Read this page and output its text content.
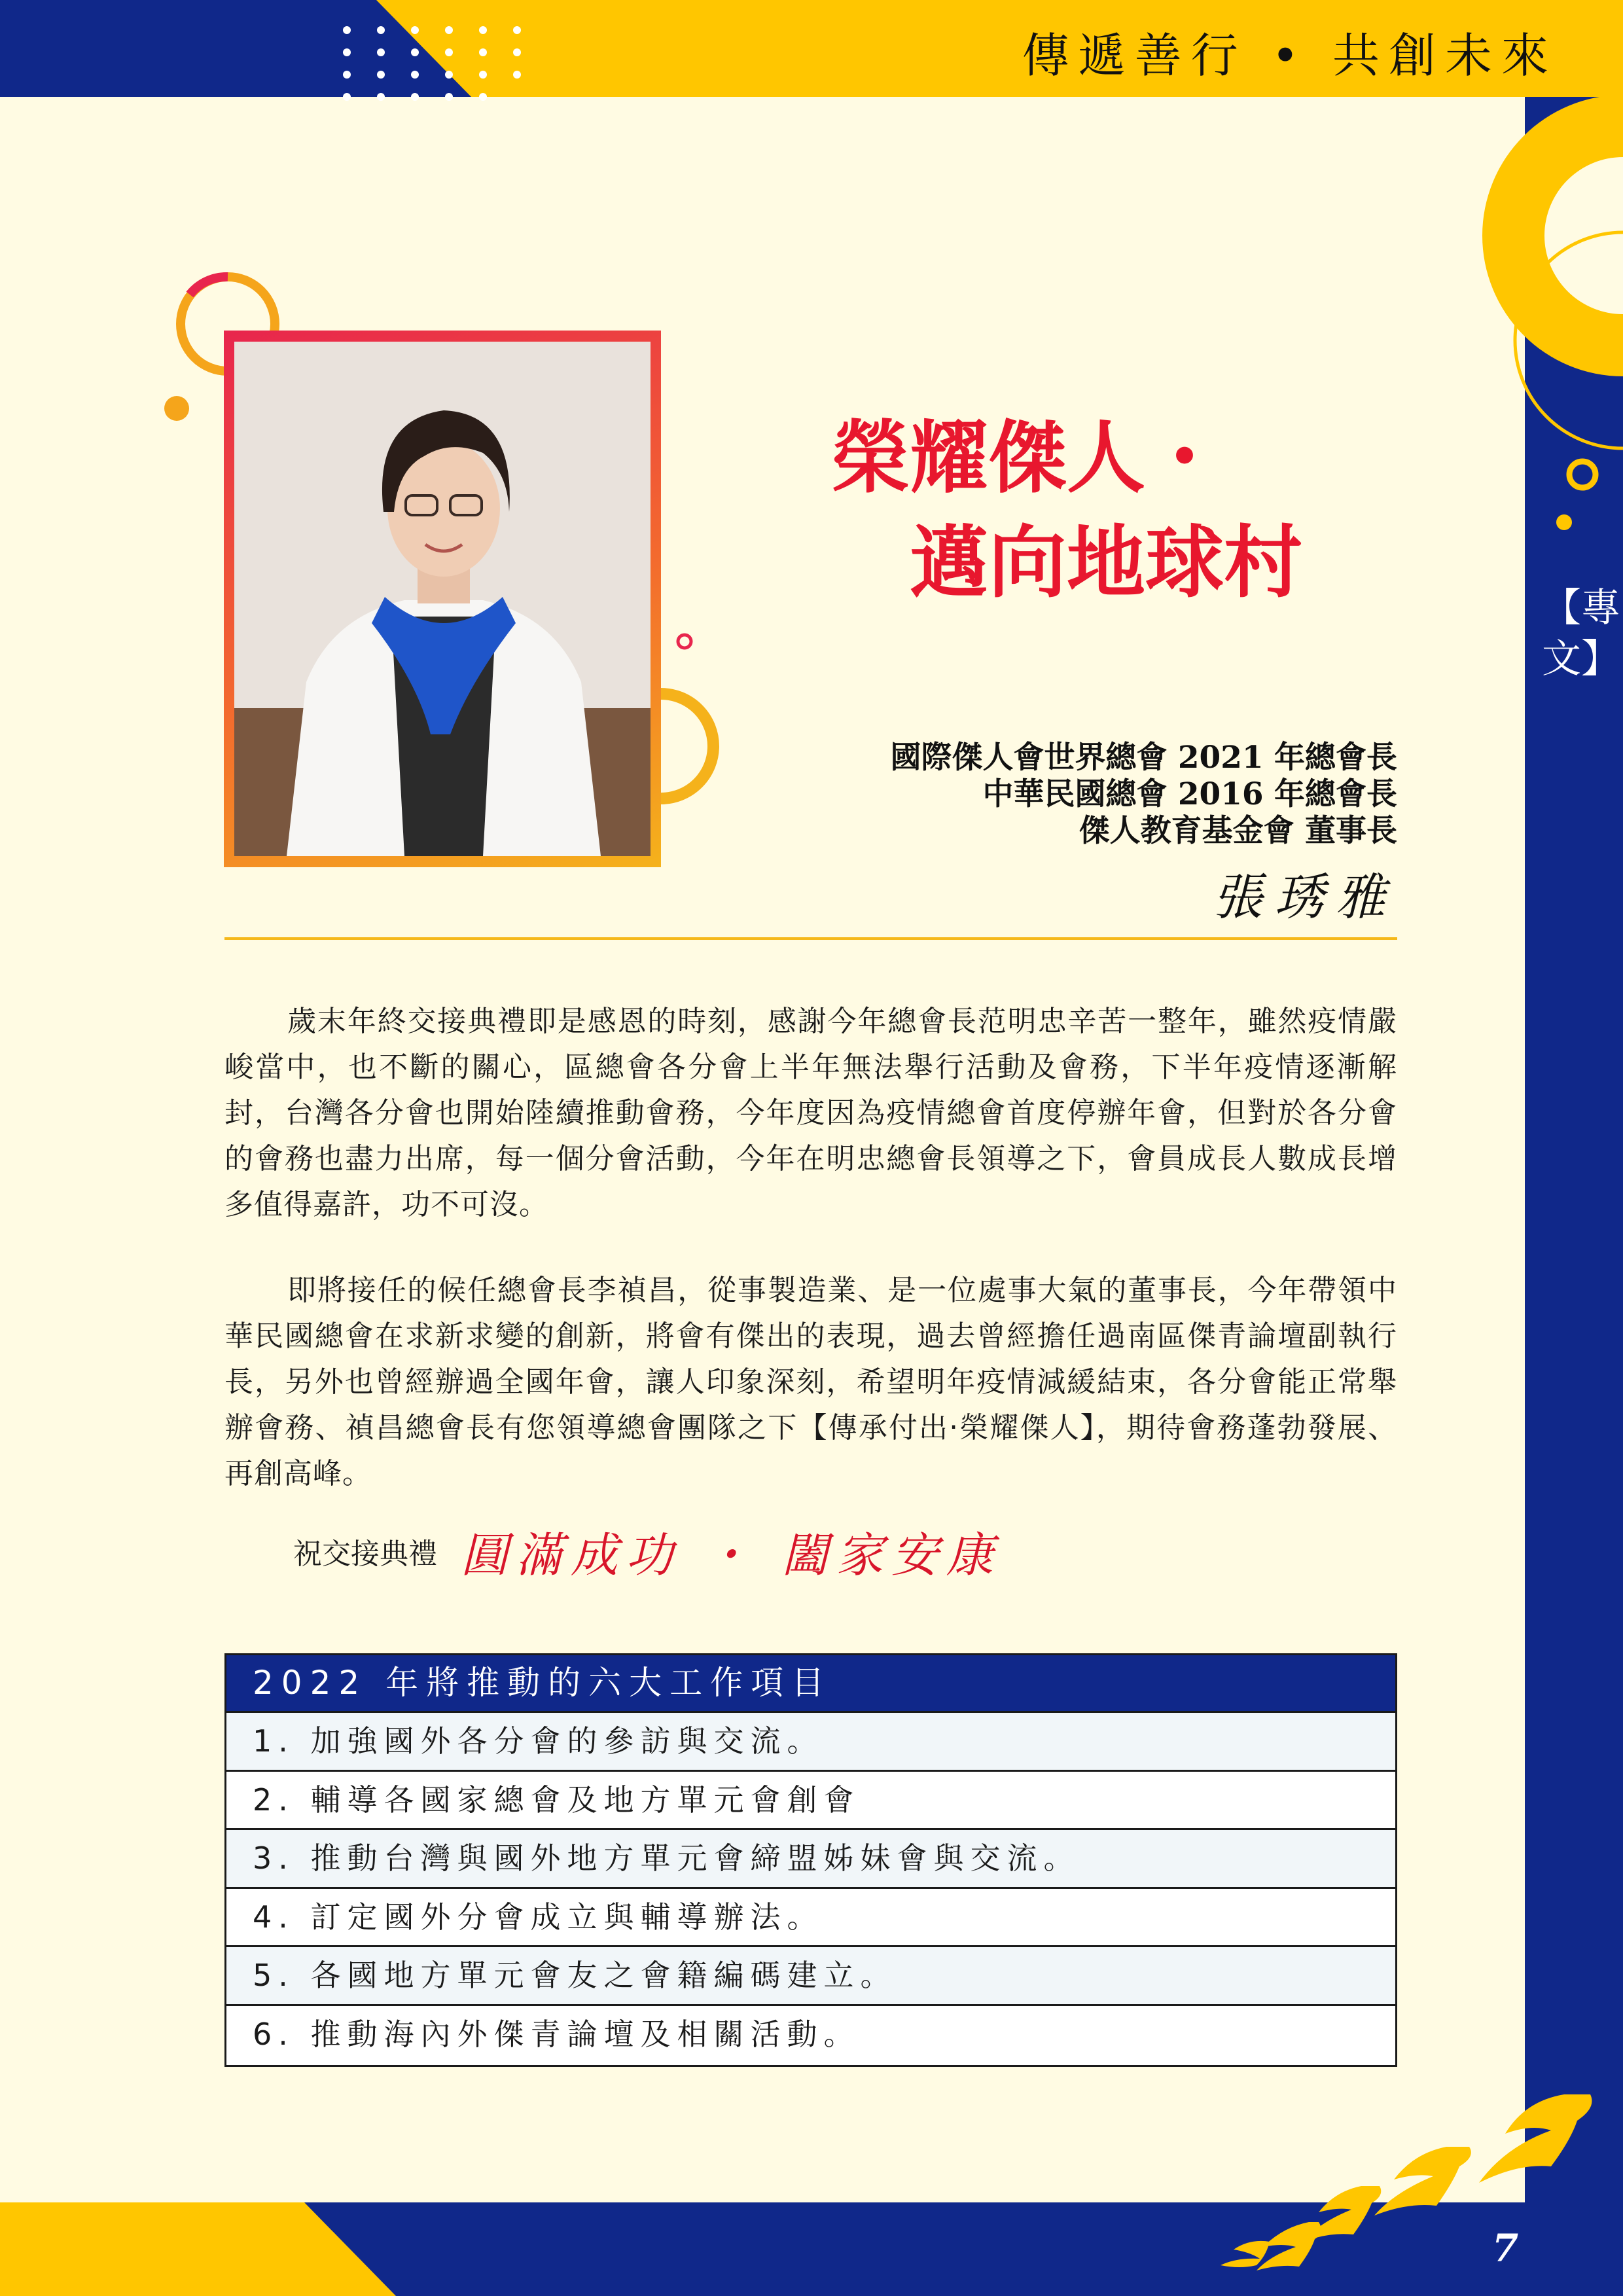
傳遞善行 • 共創未來
【專文】
榮耀傑人・
邁向地球村
國際傑人會世界總會 2021 年總會長
中華民國總會 2016 年總會長
傑人教育基金會 董事長
張琇雅

歲末年終交接典禮即是感恩的時刻，感謝今年總會長范明忠辛苦一整年，雖然疫情嚴峻當中，也不斷的關心，區總會各分會上半年無法舉行活動及會務，下半年疫情逐漸解封，台灣各分會也開始陸續推動會務，今年度因為疫情總會首度停辦年會，但對於各分會的會務也盡力出席，每一個分會活動，今年在明忠總會長領導之下，會員成長人數成長增多值得嘉許，功不可沒。

即將接任的候任總會長李禎昌，從事製造業、是一位處事大氣的董事長，今年帶領中華民國總會在求新求變的創新，將會有傑出的表現，過去曾經擔任過南區傑青論壇副執行長，另外也曾經辦過全國年會，讓人印象深刻，希望明年疫情減緩結束，各分會能正常舉辦會務、禎昌總會長有您領導總會團隊之下【傳承付出‧榮耀傑人】，期待會務蓬勃發展、再創高峰。

祝交接典禮 圓滿成功 ・ 闔家安康
2022 年將推動的六大工作項目
1. 加強國外各分會的參訪與交流。
2. 輔導各國家總會及地方單元會創會
3. 推動台灣與國外地方單元會締盟姊妹會與交流。
4. 訂定國外分會成立與輔導辦法。
5. 各國地方單元會友之會籍編碼建立。
6. 推動海內外傑青論壇及相關活動。
7
